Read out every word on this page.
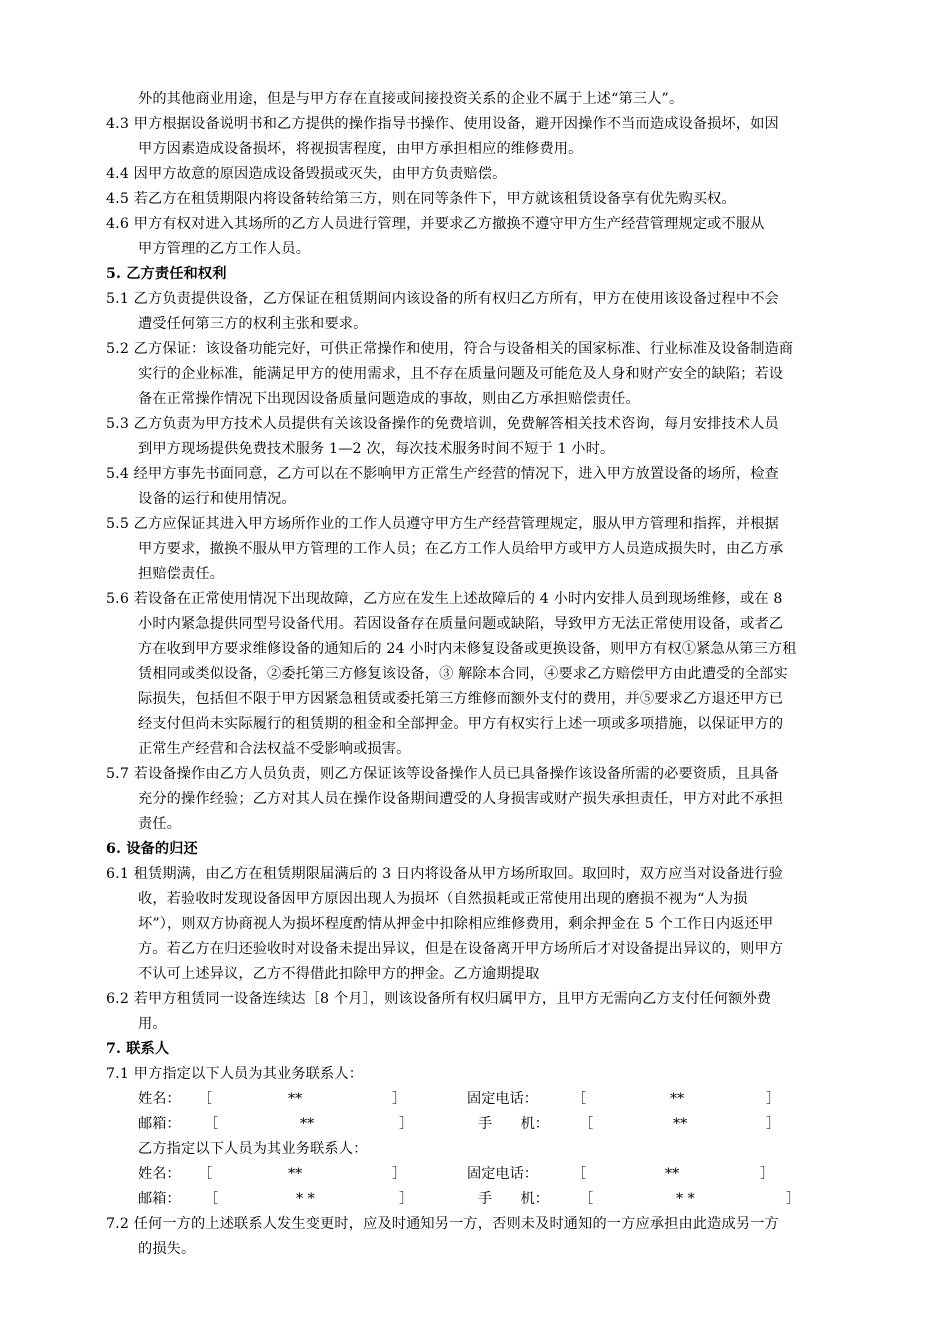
外的其他商业用途，但是与甲方存在直接或间接投资关系的企业不属于上述“第三人”。
4.3 甲方根据设备说明书和乙方提供的操作指导书操作、使用设备，避开因操作不当而造成设备损坏，如因
甲方因素造成设备损坏，将视损害程度，由甲方承担相应的维修费用。
4.4 因甲方故意的原因造成设备毁损或灭失，由甲方负责赔偿。
4.5 若乙方在租赁期限内将设备转给第三方，则在同等条件下，甲方就该租赁设备享有优先购买权。
4.6 甲方有权对进入其场所的乙方人员进行管理，并要求乙方撤换不遵守甲方生产经营管理规定或不服从
甲方管理的乙方工作人员。
5. 乙方责任和权利
5.1 乙方负责提供设备，乙方保证在租赁期间内该设备的所有权归乙方所有，甲方在使用该设备过程中不会
遭受任何第三方的权利主张和要求。
5.2 乙方保证：该设备功能完好，可供正常操作和使用，符合与设备相关的国家标准、行业标准及设备制造商
实行的企业标准，能满足甲方的使用需求，且不存在质量问题及可能危及人身和财产安全的缺陷；若设
备在正常操作情况下出现因设备质量问题造成的事故，则由乙方承担赔偿责任。
5.3 乙方负责为甲方技术人员提供有关该设备操作的免费培训，免费解答相关技术咨询，每月安排技术人员
到甲方现场提供免费技术服务 1—2 次，每次技术服务时间不短于 1 小时。
5.4 经甲方事先书面同意，乙方可以在不影响甲方正常生产经营的情况下，进入甲方放置设备的场所，检查
设备的运行和使用情况。
5.5 乙方应保证其进入甲方场所作业的工作人员遵守甲方生产经营管理规定，服从甲方管理和指挥，并根据
甲方要求，撤换不服从甲方管理的工作人员；在乙方工作人员给甲方或甲方人员造成损失时，由乙方承
担赔偿责任。
5.6 若设备在正常使用情况下出现故障，乙方应在发生上述故障后的 4 小时内安排人员到现场维修，或在 8
小时内紧急提供同型号设备代用。若因设备存在质量问题或缺陷，导致甲方无法正常使用设备，或者乙
方在收到甲方要求维修设备的通知后的 24 小时内未修复设备或更换设备，则甲方有权①紧急从第三方租
赁相同或类似设备，②委托第三方修复该设备，③ 解除本合同，④要求乙方赔偿甲方由此遭受的全部实
际损失，包括但不限于甲方因紧急租赁或委托第三方维修而额外支付的费用，并⑤要求乙方退还甲方已
经支付但尚未实际履行的租赁期的租金和全部押金。甲方有权实行上述一项或多项措施，以保证甲方的
正常生产经营和合法权益不受影响或损害。
5.7 若设备操作由乙方人员负责，则乙方保证该等设备操作人员已具备操作该设备所需的必要资质，且具备
充分的操作经验；乙方对其人员在操作设备期间遭受的人身损害或财产损失承担责任，甲方对此不承担
责任。
6. 设备的归还
6.1 租赁期满，由乙方在租赁期限届满后的 3 日内将设备从甲方场所取回。取回时，双方应当对设备进行验
收，若验收时发现设备因甲方原因出现人为损坏（自然损耗或正常使用出现的磨损不视为“人为损
坏”），则双方协商视人为损坏程度酌情从押金中扣除相应维修费用，剩余押金在 5 个工作日内返还甲
方。若乙方在归还验收时对设备未提出异议，但是在设备离开甲方场所后才对设备提出异议的，则甲方
不认可上述异议，乙方不得借此扣除甲方的押金。乙方逾期提取
6.2 若甲方租赁同一设备连续达［8 个月］，则该设备所有权归属甲方，且甲方无需向乙方支付任何额外费
用。
7. 联系人
7.1 甲方指定以下人员为其业务联系人：
姓名： ［	**	］	固定电话： ［	**	］
邮箱： ［	**	］	手　　机： ［	**	］
乙方指定以下人员为其业务联系人：
姓名： ［	**	］	固定电话： ［	**	］
邮箱： ［	* *	］	手　　机： ［	* *	］
7.2 任何一方的上述联系人发生变更时，应及时通知另一方，否则未及时通知的一方应承担由此造成另一方
的损失。
